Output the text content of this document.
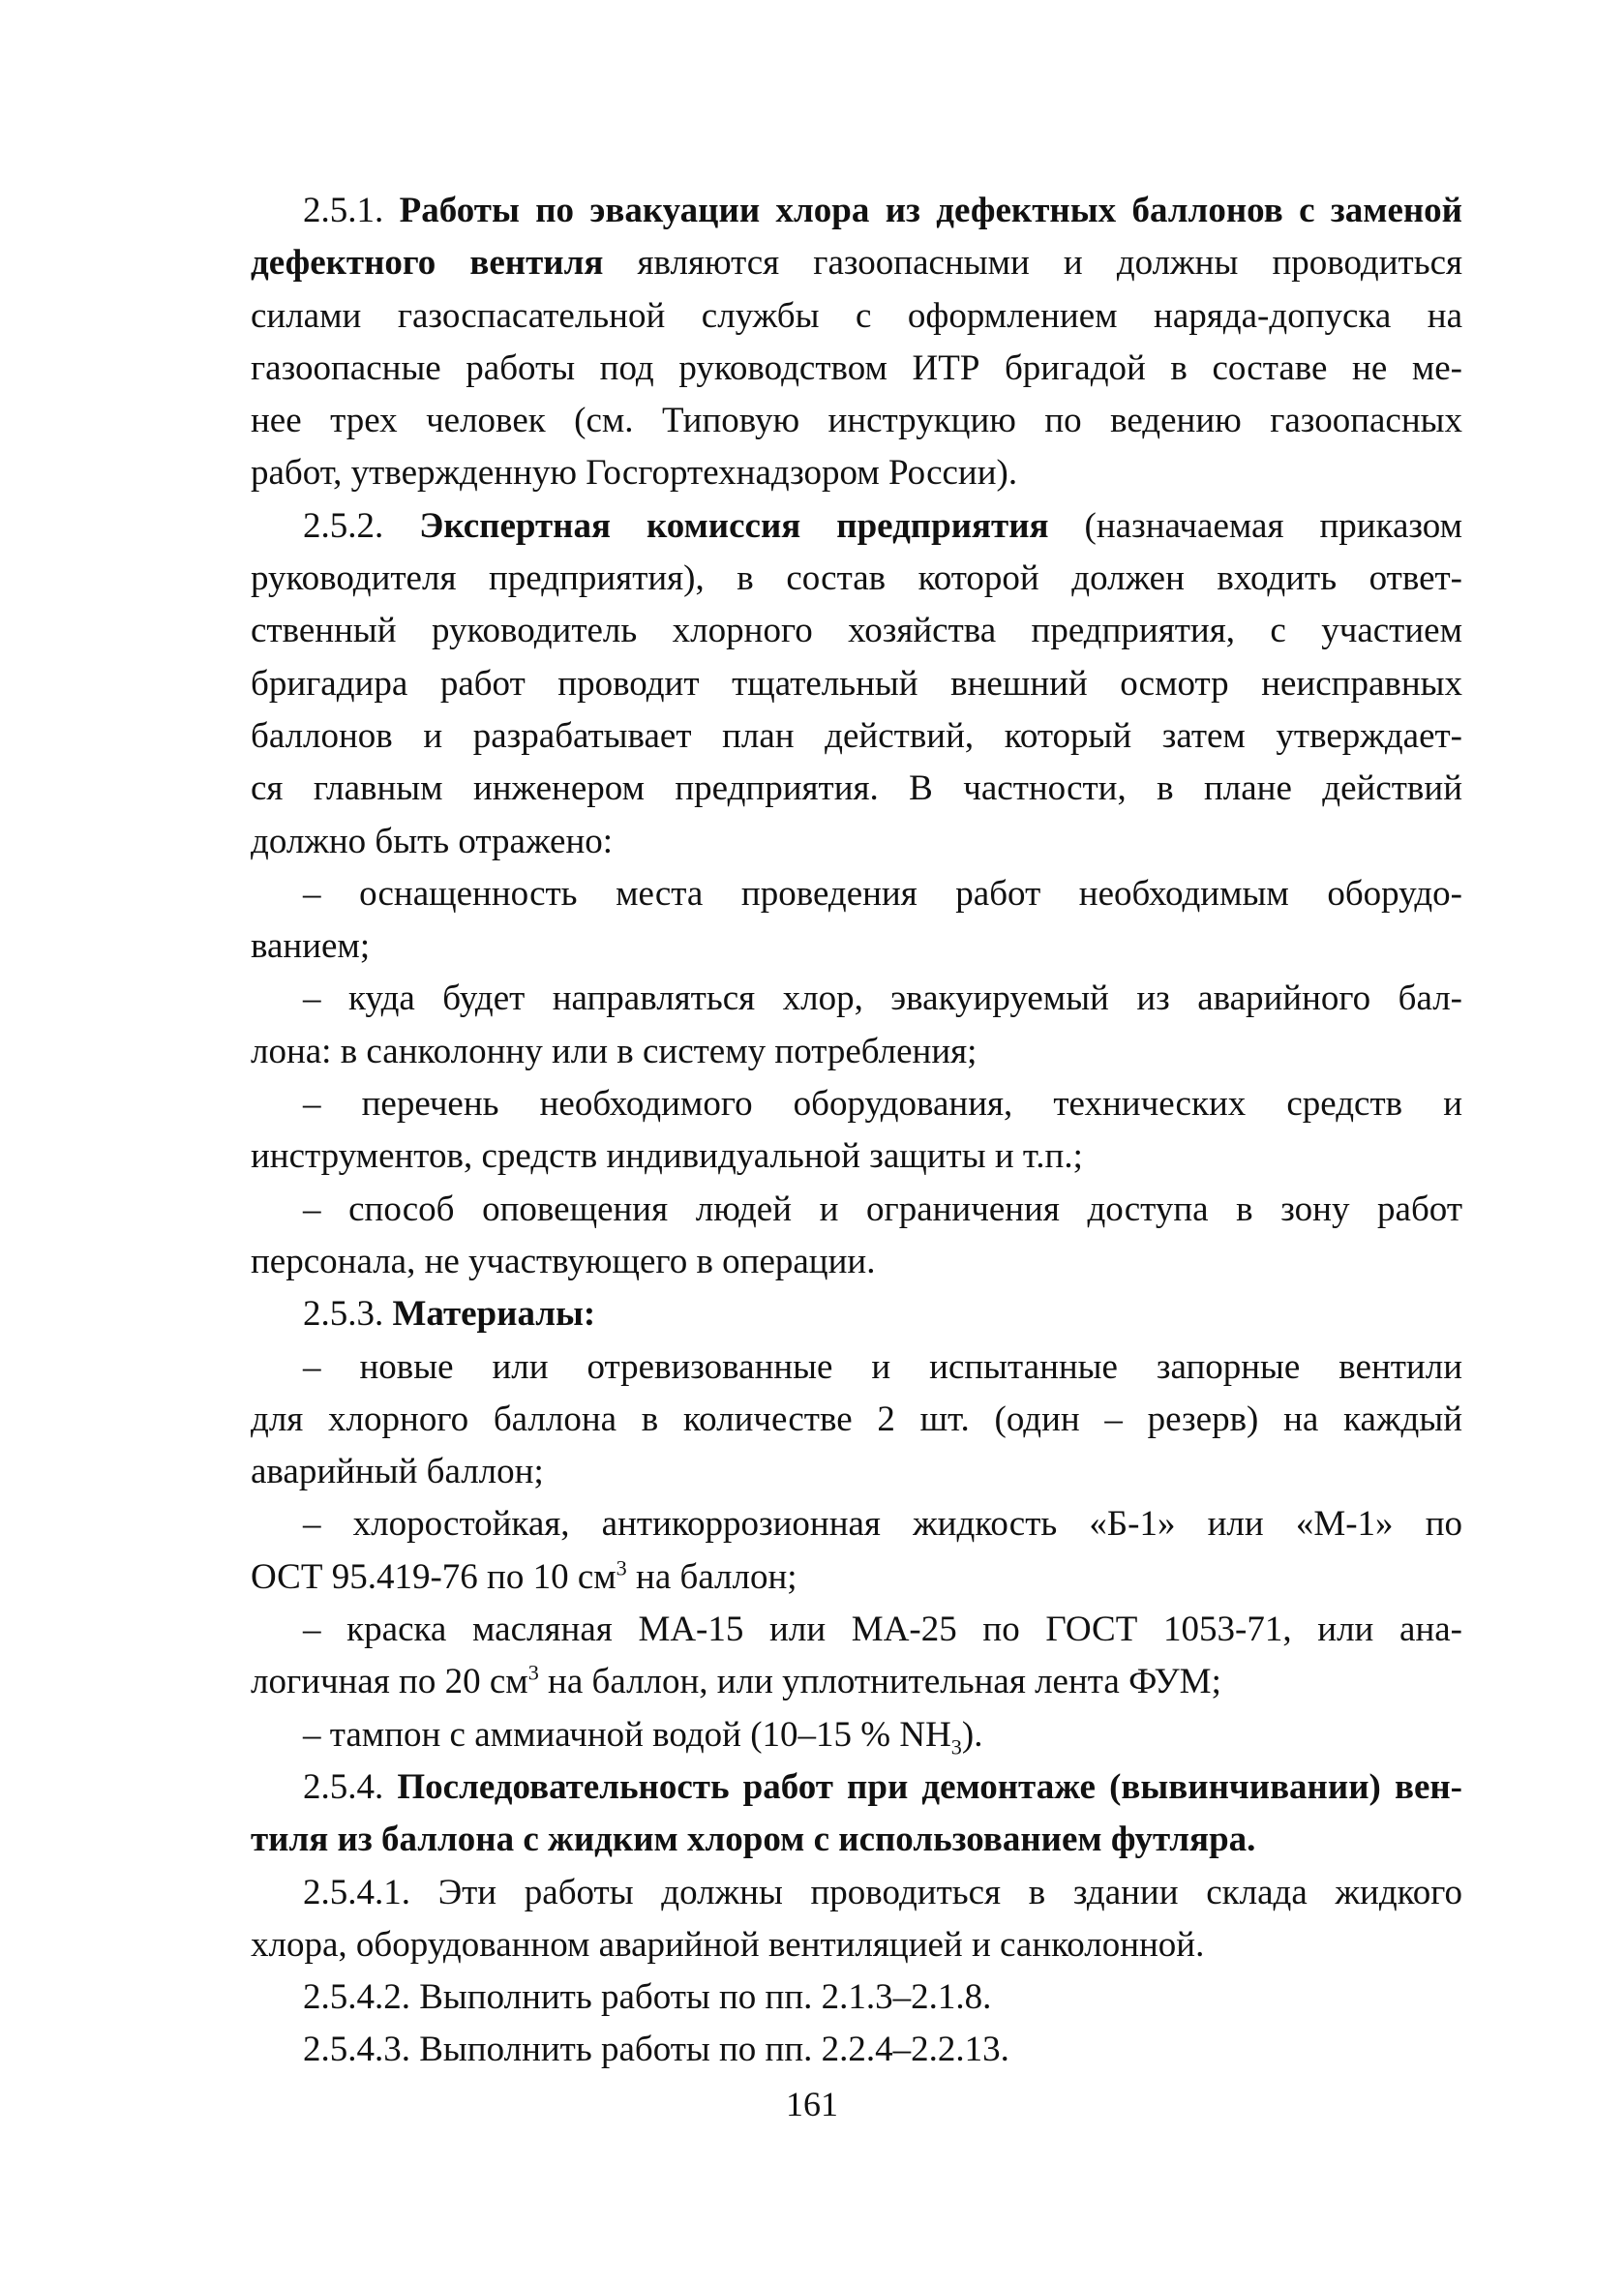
2.5.1. Работы по эвакуации хлора из дефектных баллонов с заменой
дефектного вентиля являются газоопасными и должны проводиться
силами газоспасательной службы с оформлением наряда-допуска на
газоопасные работы под руководством ИТР бригадой в составе не ме-
нее трех человек (см. Типовую инструкцию по ведению газоопасных
работ, утвержденную Госгортехнадзором России).
2.5.2. Экспертная комиссия предприятия (назначаемая приказом
руководителя предприятия), в состав которой должен входить ответ-
ственный руководитель хлорного хозяйства предприятия, с участием
бригадира работ проводит тщательный внешний осмотр неисправных
баллонов и разрабатывает план действий, который затем утверждает-
ся главным инженером предприятия. В частности, в плане действий
должно быть отражено:
– оснащенность места проведения работ необходимым оборудо-
ванием;
– куда будет направляться хлор, эвакуируемый из аварийного бал-
лона: в санколонну или в систему потребления;
– перечень необходимого оборудования, технических средств и
инструментов, средств индивидуальной защиты и т.п.;
– способ оповещения людей и ограничения доступа в зону работ
персонала, не участвующего в операции.
2.5.3. Материалы:
– новые или отревизованные и испытанные запорные вентили
для хлорного баллона в количестве 2 шт. (один – резерв) на каждый
аварийный баллон;
– хлоростойкая, антикоррозионная жидкость «Б-1» или «М-1» по
ОСТ 95.419-76 по 10 $см^3$ на баллон;
– краска масляная МА-15 или МА-25 по ГОСТ 1053-71, или ана-
логичная по 20 $см^3$ на баллон, или уплотнительная лента ФУМ;
– тампон с аммиачной водой (10–15 % $NH_3$).
2.5.4. Последовательность работ при демонтаже (вывинчивании) вен-
тиля из баллона с жидким хлором с использованием футляра.
2.5.4.1. Эти работы должны проводиться в здании склада жидкого
хлора, оборудованном аварийной вентиляцией и санколонной.
2.5.4.2. Выполнить работы по пп. 2.1.3–2.1.8.
2.5.4.3. Выполнить работы по пп. 2.2.4–2.2.13.
161
